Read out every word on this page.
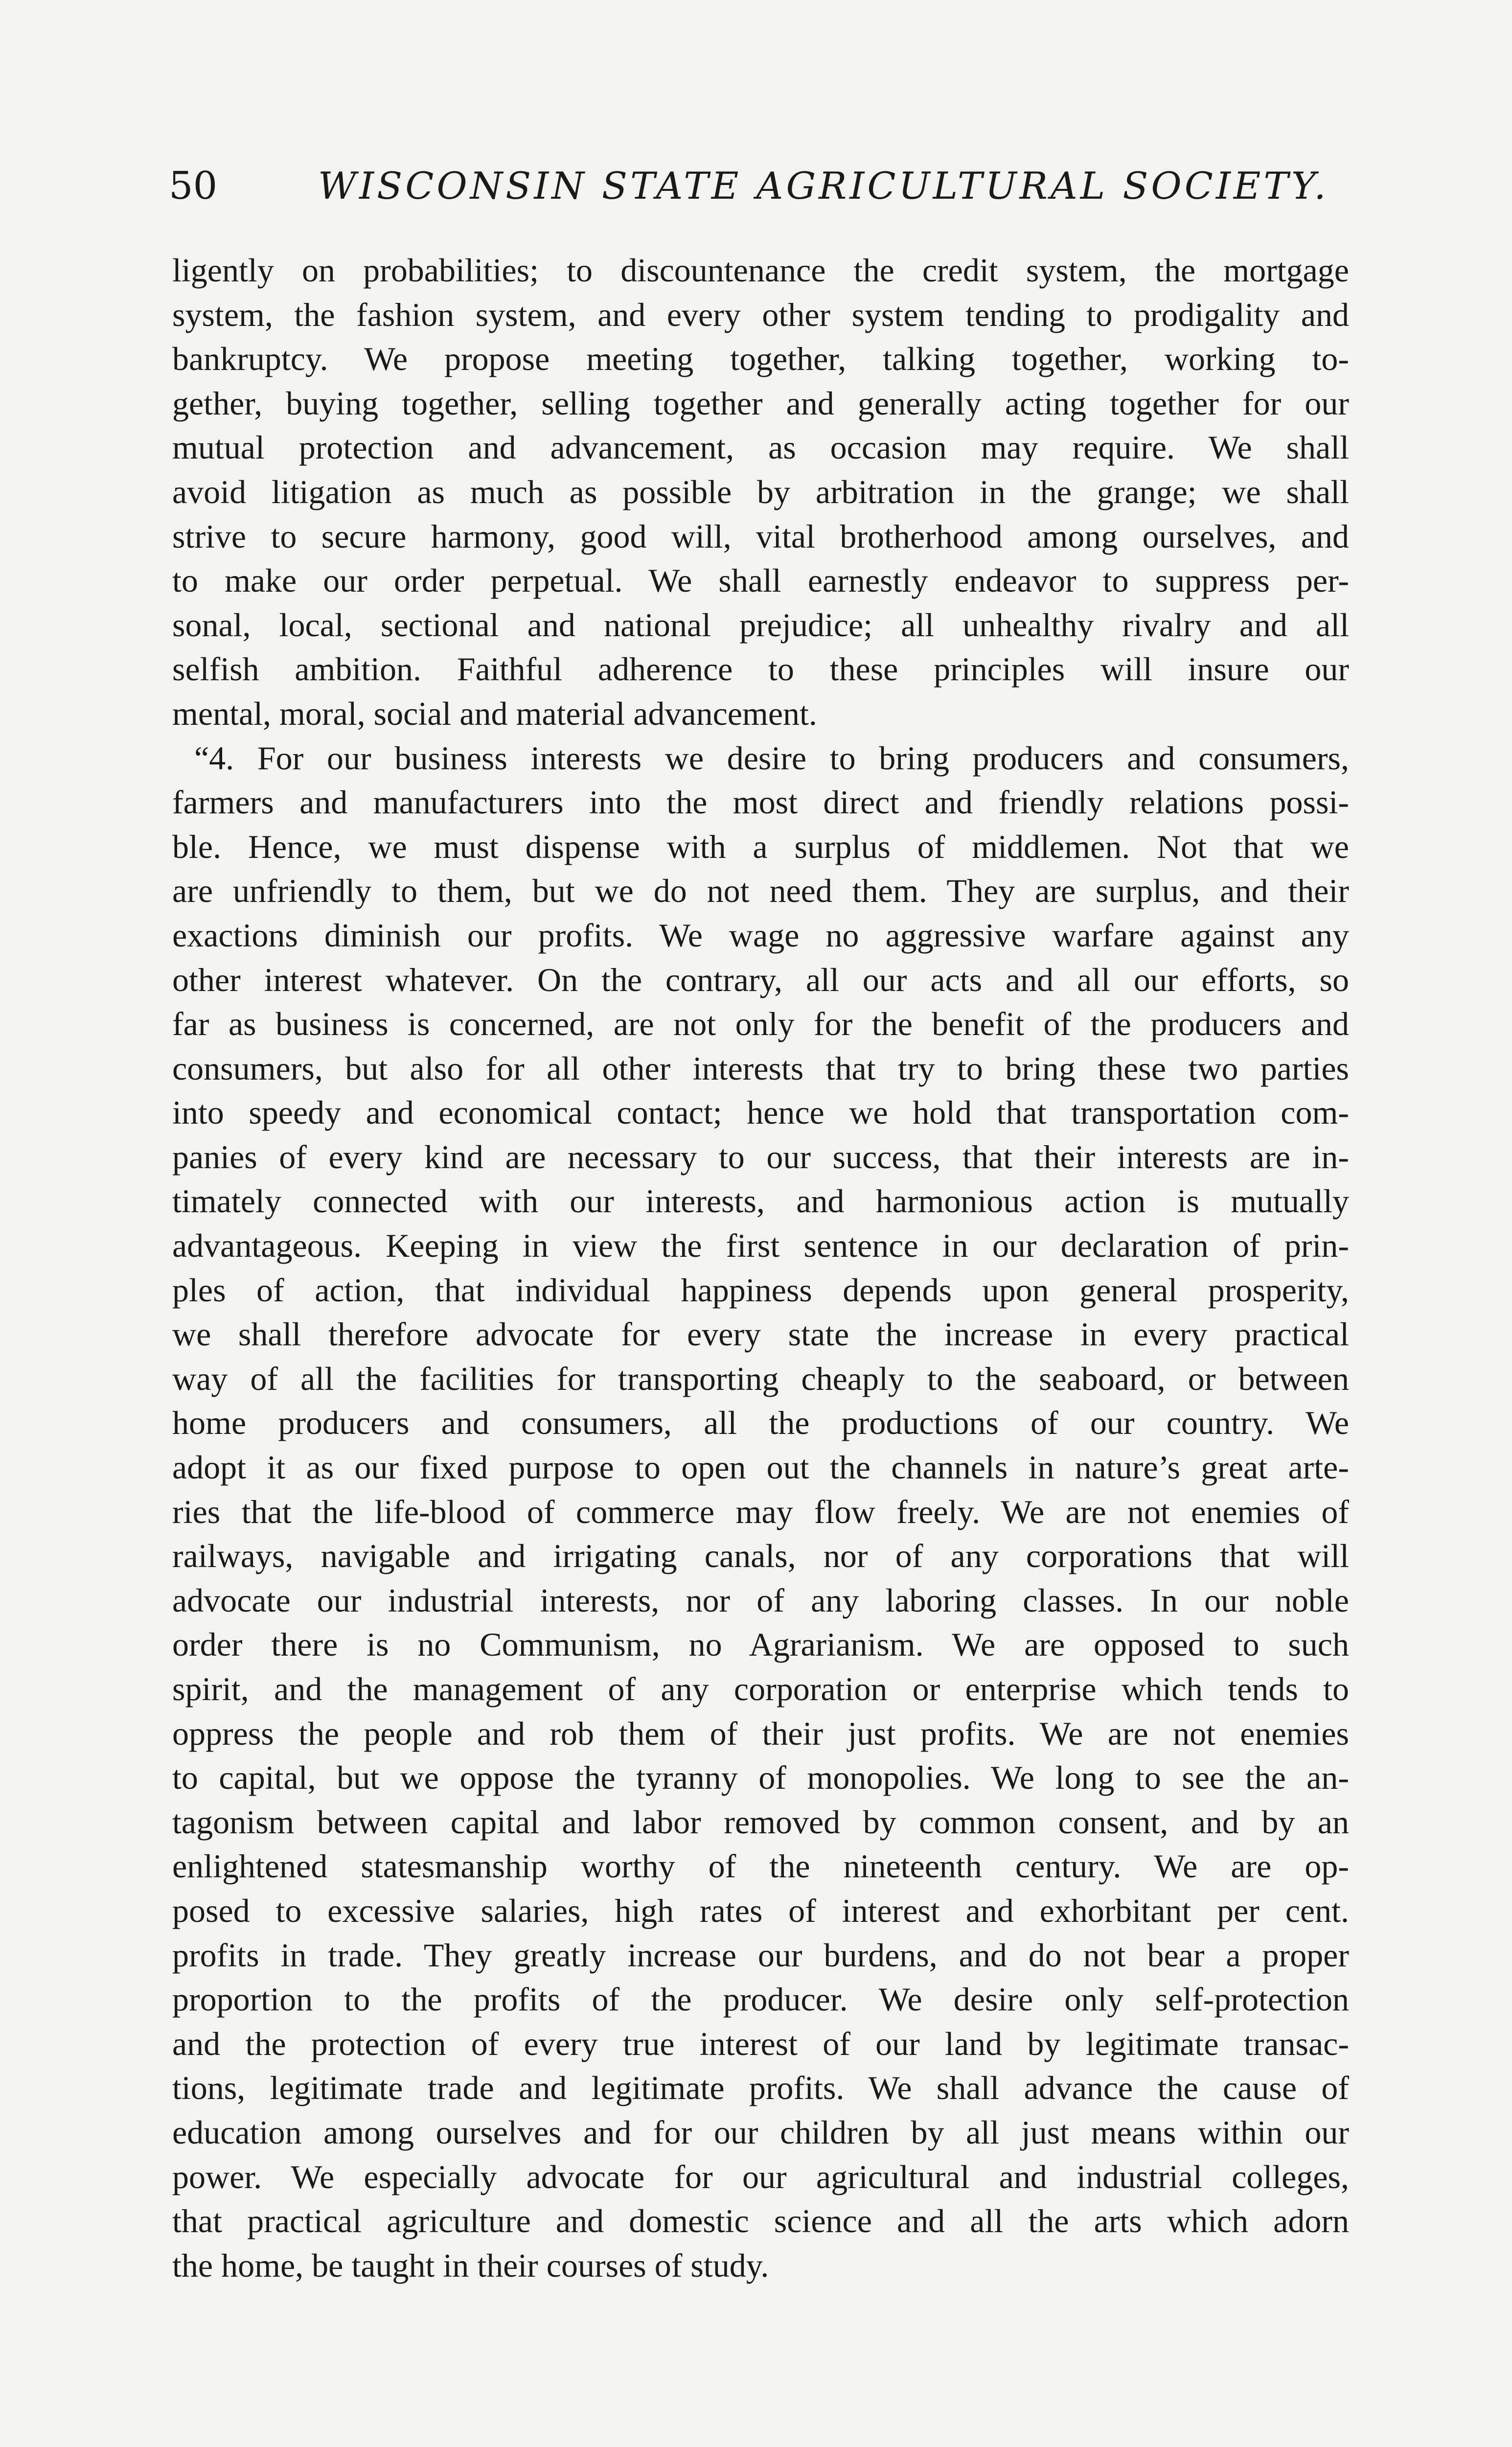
50	WISCONSIN STATE AGRICULTURAL SOCIETY.
ligently on probabilities; to discountenance the credit system, the mortgage
system, the fashion system, and every other system tending to prodigality and
bankruptcy. We propose meeting together, talking together, working to-
gether, buying together, selling together and generally acting together for our
mutual protection and advancement, as occasion may require. We shall
avoid litigation as much as possible by arbitration in the grange; we shall
strive to secure harmony, good will, vital brotherhood among ourselves, and
to make our order perpetual. We shall earnestly endeavor to suppress per-
sonal, local, sectional and national prejudice; all unhealthy rivalry and all
selfish ambition. Faithful adherence to these principles will insure our
mental, moral, social and material advancement.
“4. For our business interests we desire to bring producers and consumers,
farmers and manufacturers into the most direct and friendly relations possi-
ble. Hence, we must dispense with a surplus of middlemen. Not that we
are unfriendly to them, but we do not need them. They are surplus, and their
exactions diminish our profits. We wage no aggressive warfare against any
other interest whatever. On the contrary, all our acts and all our efforts, so
far as business is concerned, are not only for the benefit of the producers and
consumers, but also for all other interests that try to bring these two parties
into speedy and economical contact; hence we hold that transportation com-
panies of every kind are necessary to our success, that their interests are in-
timately connected with our interests, and harmonious action is mutually
advantageous. Keeping in view the first sentence in our declaration of prin-
ples of action, that individual happiness depends upon general prosperity,
we shall therefore advocate for every state the increase in every practical
way of all the facilities for transporting cheaply to the seaboard, or between
home producers and consumers, all the productions of our country. We
adopt it as our fixed purpose to open out the channels in nature’s great arte-
ries that the life-blood of commerce may flow freely. We are not enemies of
railways, navigable and irrigating canals, nor of any corporations that will
advocate our industrial interests, nor of any laboring classes. In our noble
order there is no Communism, no Agrarianism. We are opposed to such
spirit, and the management of any corporation or enterprise which tends to
oppress the people and rob them of their just profits. We are not enemies
to capital, but we oppose the tyranny of monopolies. We long to see the an-
tagonism between capital and labor removed by common consent, and by an
enlightened statesmanship worthy of the nineteenth century. We are op-
posed to excessive salaries, high rates of interest and exhorbitant per cent.
profits in trade. They greatly increase our burdens, and do not bear a proper
proportion to the profits of the producer. We desire only self-protection
and the protection of every true interest of our land by legitimate transac-
tions, legitimate trade and legitimate profits. We shall advance the cause of
education among ourselves and for our children by all just means within our
power. We especially advocate for our agricultural and industrial colleges,
that practical agriculture and domestic science and all the arts which adorn
the home, be taught in their courses of study.
